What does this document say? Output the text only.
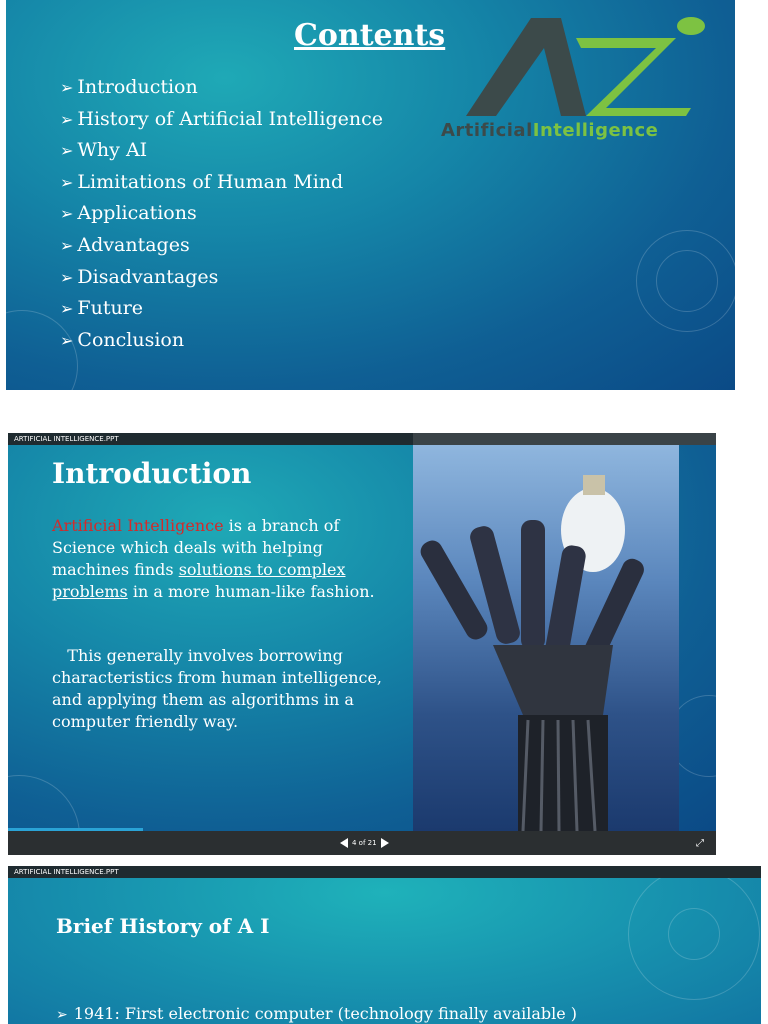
Contents
➢ Introduction
➢ History of Artificial Intelligence
➢ Why AI
➢ Limitations of Human Mind
➢ Applications
➢ Advantages
➢ Disadvantages
➢ Future
➢ Conclusion
ArtificialIntelligence
ARTIFICIAL INTELLIGENCE.PPT
Introduction
Artificial Intelligence is a branch of Science which deals with helping machines finds solutions to complex problems in a more human-like fashion.
This generally involves borrowing characteristics from human intelligence, and applying them as algorithms in a computer friendly way.
4 of 21	⤢
ARTIFICIAL INTELLIGENCE.PPT
Brief History of A I
➢ 1941: First electronic computer (technology finally available )
